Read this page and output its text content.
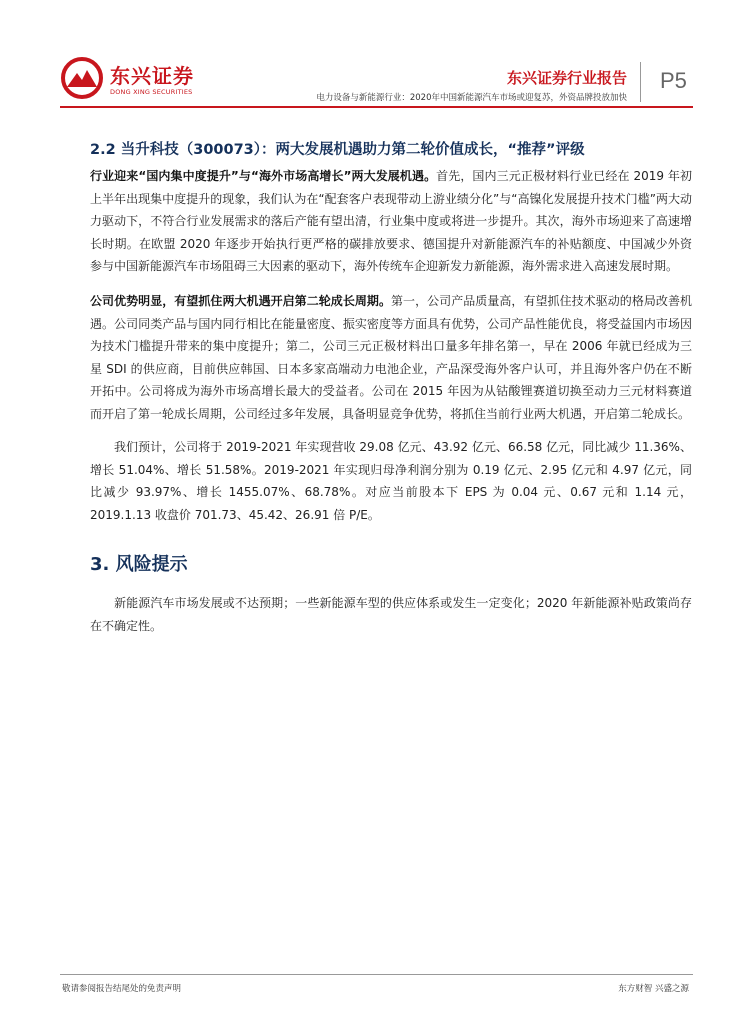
东兴证券
DONG XING SECURITIES
东兴证券行业报告
电力设备与新能源行业：2020年中国新能源汽车市场或迎复苏，外资品牌投放加快
P5
2.2 当升科技（300073）：两大发展机遇助力第二轮价值成长，“推荐”评级

行业迎来“国内集中度提升”与“海外市场高增长”两大发展机遇。首先，国内三元正极材料行业已经在 2019 年初上半年出现集中度提升的现象，我们认为在“配套客户表现带动上游业绩分化”与“高镍化发展提升技术门槛”两大动力驱动下，不符合行业发展需求的落后产能有望出清，行业集中度或将进一步提升。其次，海外市场迎来了高速增长时期。在欧盟 2020 年逐步开始执行更严格的碳排放要求、德国提升对新能源汽车的补贴额度、中国减少外资参与中国新能源汽车市场阻碍三大因素的驱动下，海外传统车企迎新发力新能源，海外需求进入高速发展时期。

公司优势明显，有望抓住两大机遇开启第二轮成长周期。第一，公司产品质量高，有望抓住技术驱动的格局改善机遇。公司同类产品与国内同行相比在能量密度、振实密度等方面具有优势，公司产品性能优良，将受益国内市场因为技术门槛提升带来的集中度提升；第二，公司三元正极材料出口量多年排名第一，早在 2006 年就已经成为三星 SDI 的供应商，目前供应韩国、日本多家高端动力电池企业，产品深受海外客户认可，并且海外客户仍在不断开拓中。公司将成为海外市场高增长最大的受益者。公司在 2015 年因为从钴酸锂赛道切换至动力三元材料赛道而开启了第一轮成长周期，公司经过多年发展，具备明显竞争优势，将抓住当前行业两大机遇，开启第二轮成长。

  我们预计，公司将于 2019-2021 年实现营收 29.08 亿元、43.92 亿元、66.58 亿元，同比减少 11.36%、增长 51.04%、增长 51.58%。2019-2021 年实现归母净利润分别为 0.19 亿元、2.95 亿元和 4.97 亿元，同比减少 93.97%、增长 1455.07%、68.78%。对应当前股本下 EPS 为 0.04 元、0.67 元和 1.14 元，2019.1.13 收盘价 701.73、45.42、26.91 倍 P/E。

3. 风险提示

  新能源汽车市场发展或不达预期；一些新能源车型的供应体系或发生一定变化；2020 年新能源补贴政策尚存在不确定性。

敬请参阅报告结尾处的免责声明	东方财智 兴盛之源
